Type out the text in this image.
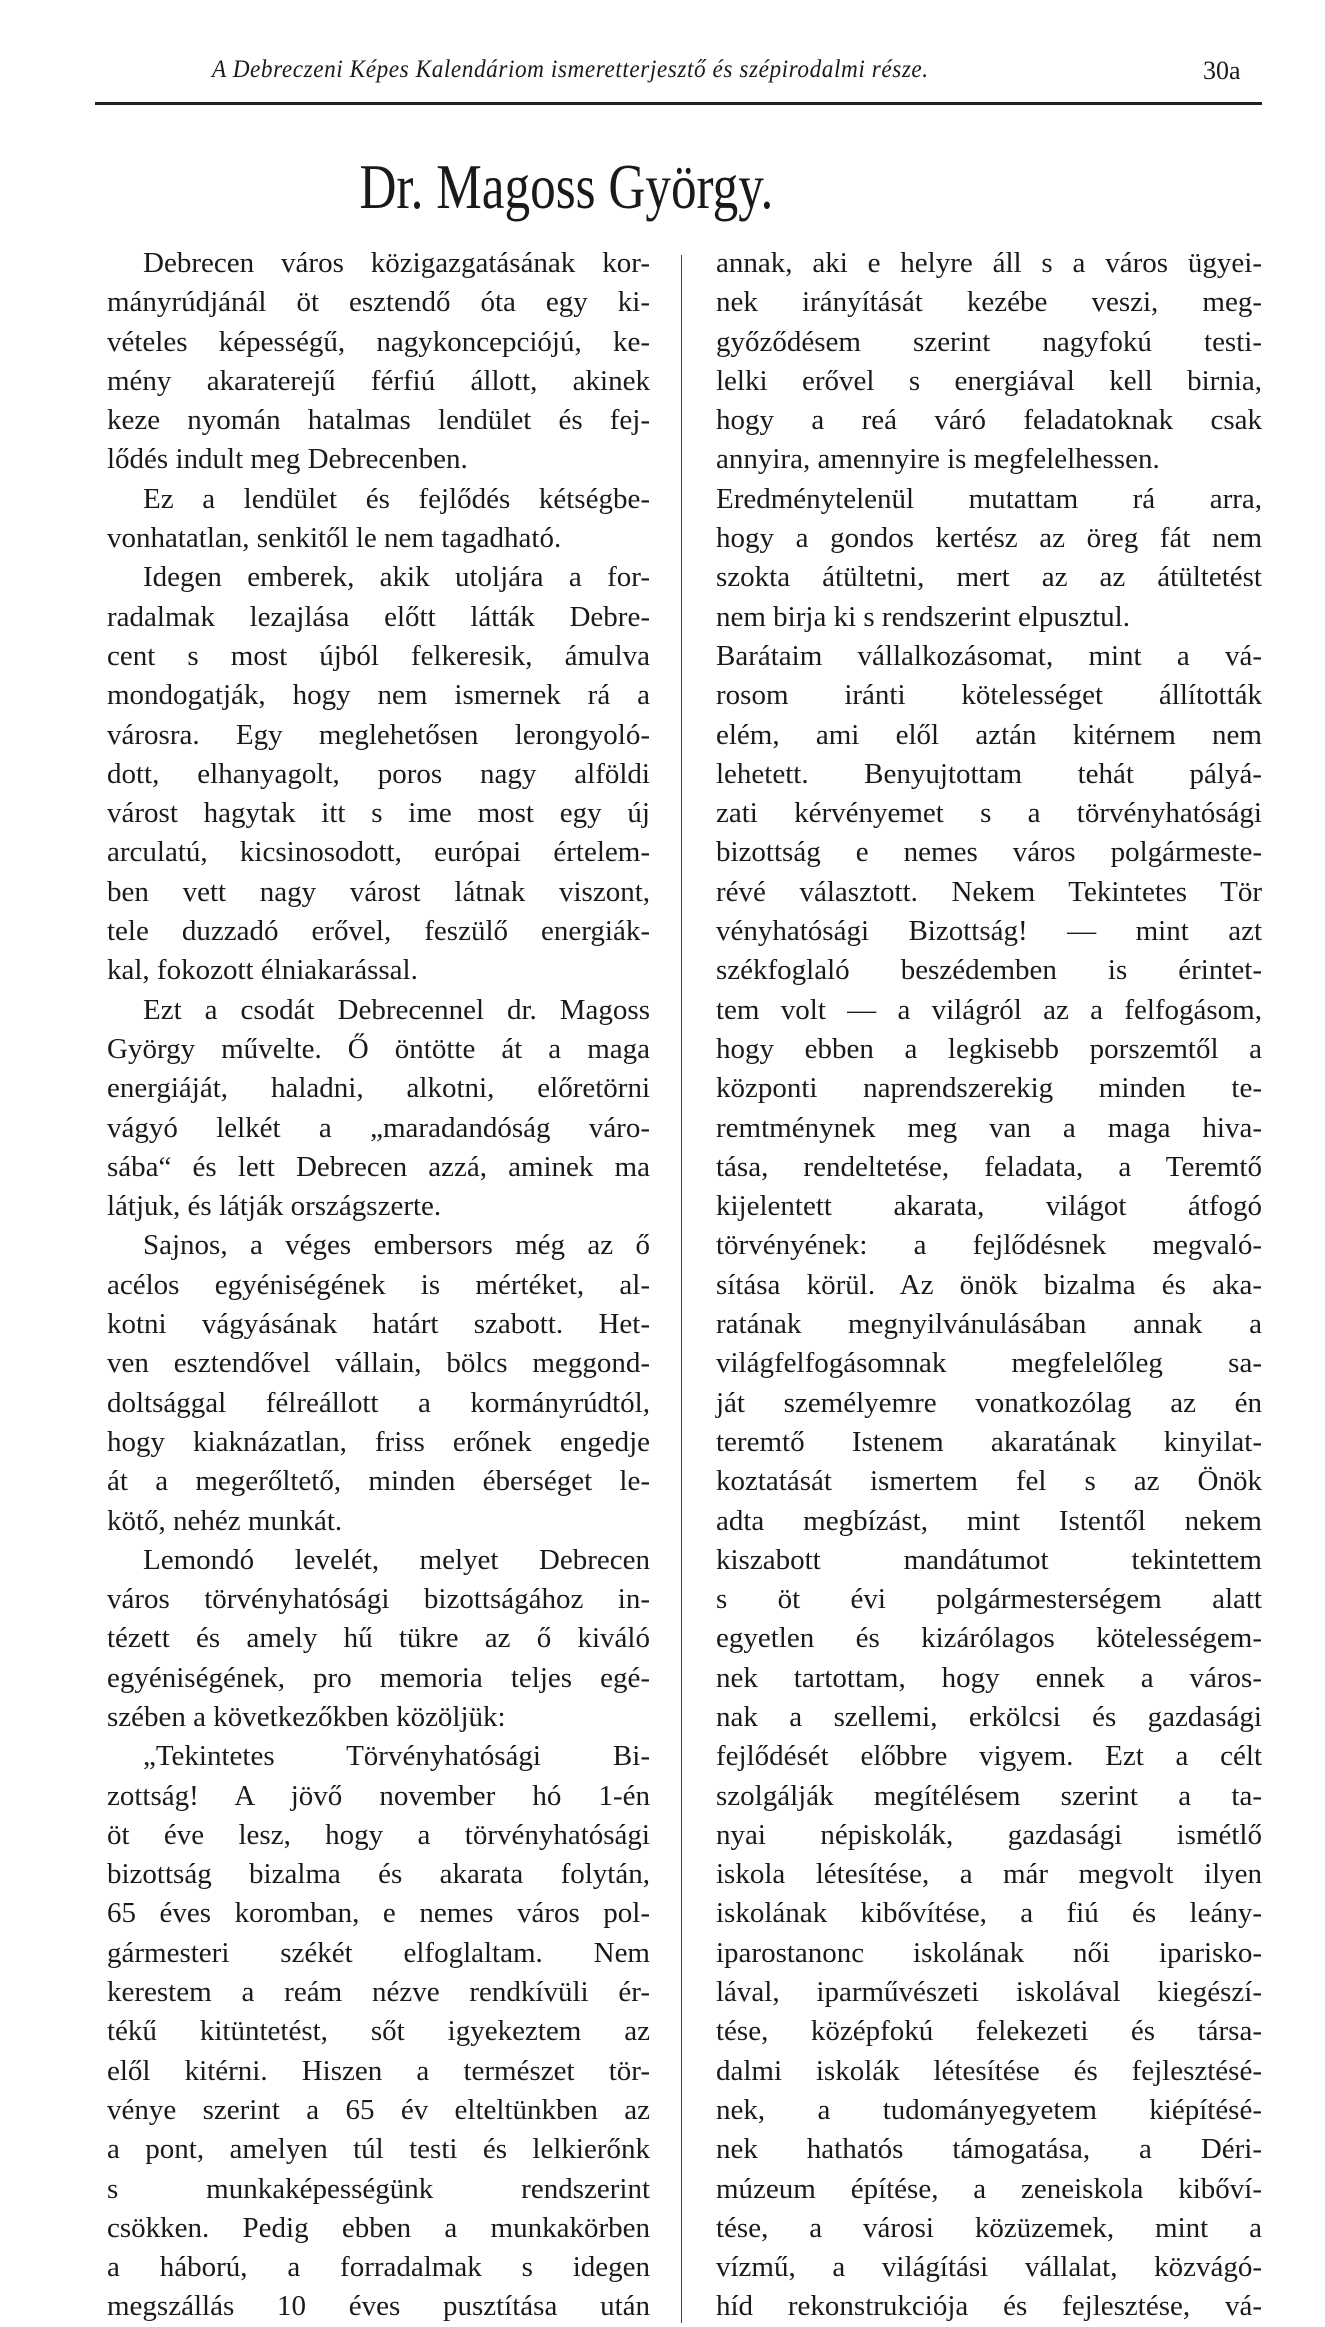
A Debreczeni Képes Kalendáriom ismeretterjesztő és szépirodalmi része.	30a
Dr. Magoss György.
Debrecen város közigazgatásának kor-
mányrúdjánál öt esztendő óta egy ki-
vételes képességű, nagykoncepciójú, ke-
mény akaraterejű férfiú állott, akinek
keze nyomán hatalmas lendület és fej-
lődés indult meg Debrecenben.
Ez a lendület és fejlődés kétségbe-
vonhatatlan, senkitől le nem tagadható.
Idegen emberek, akik utoljára a for-
radalmak lezajlása előtt látták Debre-
cent s most újból felkeresik, ámulva
mondogatják, hogy nem ismernek rá a
városra. Egy meglehetősen lerongyoló-
dott, elhanyagolt, poros nagy alföldi
várost hagytak itt s ime most egy új
arculatú, kicsinosodott, európai értelem-
ben vett nagy várost látnak viszont,
tele duzzadó erővel, feszülő energiák-
kal, fokozott élniakarással.
Ezt a csodát Debrecennel dr. Magoss
György művelte. Ő öntötte át a maga
energiáját, haladni, alkotni, előretörni
vágyó lelkét a „maradandóság váro-
sába“ és lett Debrecen azzá, aminek ma
látjuk, és látják országszerte.
Sajnos, a véges embersors még az ő
acélos egyéniségének is mértéket, al-
kotni vágyásának határt szabott. Het-
ven esztendővel vállain, bölcs meggond-
doltsággal félreállott a kormányrúdtól,
hogy kiaknázatlan, friss erőnek engedje
át a megerőltető, minden éberséget le-
kötő, nehéz munkát.
Lemondó levelét, melyet Debrecen
város törvényhatósági bizottságához in-
tézett és amely hű tükre az ő kiváló
egyéniségének, pro memoria teljes egé-
szében a következőkben közöljük:
„Tekintetes Törvényhatósági Bi-
zottság! A jövő november hó 1-én
öt éve lesz, hogy a törvényhatósági
bizottság bizalma és akarata folytán,
65 éves koromban, e nemes város pol-
gármesteri székét elfoglaltam. Nem
kerestem a reám nézve rendkívüli ér-
tékű kitüntetést, sőt igyekeztem az
elől kitérni. Hiszen a természet tör-
vénye szerint a 65 év elteltünkben az
a pont, amelyen túl testi és lelkierőnk
s munkaképességünk rendszerint
csökken. Pedig ebben a munkakörben
a háború, a forradalmak s idegen
megszállás 10 éves pusztítása után
annak, aki e helyre áll s a város ügyei-
nek irányítását kezébe veszi, meg-
győződésem szerint nagyfokú testi-
lelki erővel s energiával kell birnia,
hogy a reá váró feladatoknak csak
annyira, amennyire is megfelelhessen.
Eredménytelenül mutattam rá arra,
hogy a gondos kertész az öreg fát nem
szokta átültetni, mert az az átültetést
nem birja ki s rendszerint elpusztul.
Barátaim vállalkozásomat, mint a vá-
rosom iránti kötelességet állították
elém, ami elől aztán kitérnem nem
lehetett. Benyujtottam tehát pályá-
zati kérvényemet s a törvényhatósági
bizottság e nemes város polgármeste-
révé választott. Nekem Tekintetes Tör
vényhatósági Bizottság! — mint azt
székfoglaló beszédemben is érintet-
tem volt — a világról az a felfogásom,
hogy ebben a legkisebb porszemtől a
központi naprendszerekig minden te-
remtménynek meg van a maga hiva-
tása, rendeltetése, feladata, a Teremtő
kijelentett akarata, világot átfogó
törvényének: a fejlődésnek megvaló-
sítása körül. Az önök bizalma és aka-
ratának megnyilvánulásában annak a
világfelfogásomnak megfelelőleg sa-
ját személyemre vonatkozólag az én
teremtő Istenem akaratának kinyilat-
koztatását ismertem fel s az Önök
adta megbízást, mint Istentől nekem
kiszabott mandátumot tekintettem
s öt évi polgármesterségem alatt
egyetlen és kizárólagos kötelességem-
nek tartottam, hogy ennek a város-
nak a szellemi, erkölcsi és gazdasági
fejlődését előbbre vigyem. Ezt a célt
szolgálják megítélésem szerint a ta-
nyai népiskolák, gazdasági ismétlő
iskola létesítése, a már megvolt ilyen
iskolának kibővítése, a fiú és leány-
iparostanonc iskolának női iparisko-
lával, iparművészeti iskolával kiegészí-
tése, középfokú felekezeti és társa-
dalmi iskolák létesítése és fejlesztésé-
nek, a tudományegyetem kiépítésé-
nek hathatós támogatása, a Déri-
múzeum építése, a zeneiskola kibőví-
tése, a városi közüzemek, mint a
vízmű, a világítási vállalat, közvágó-
híd rekonstrukciója és fejlesztése, vá-
